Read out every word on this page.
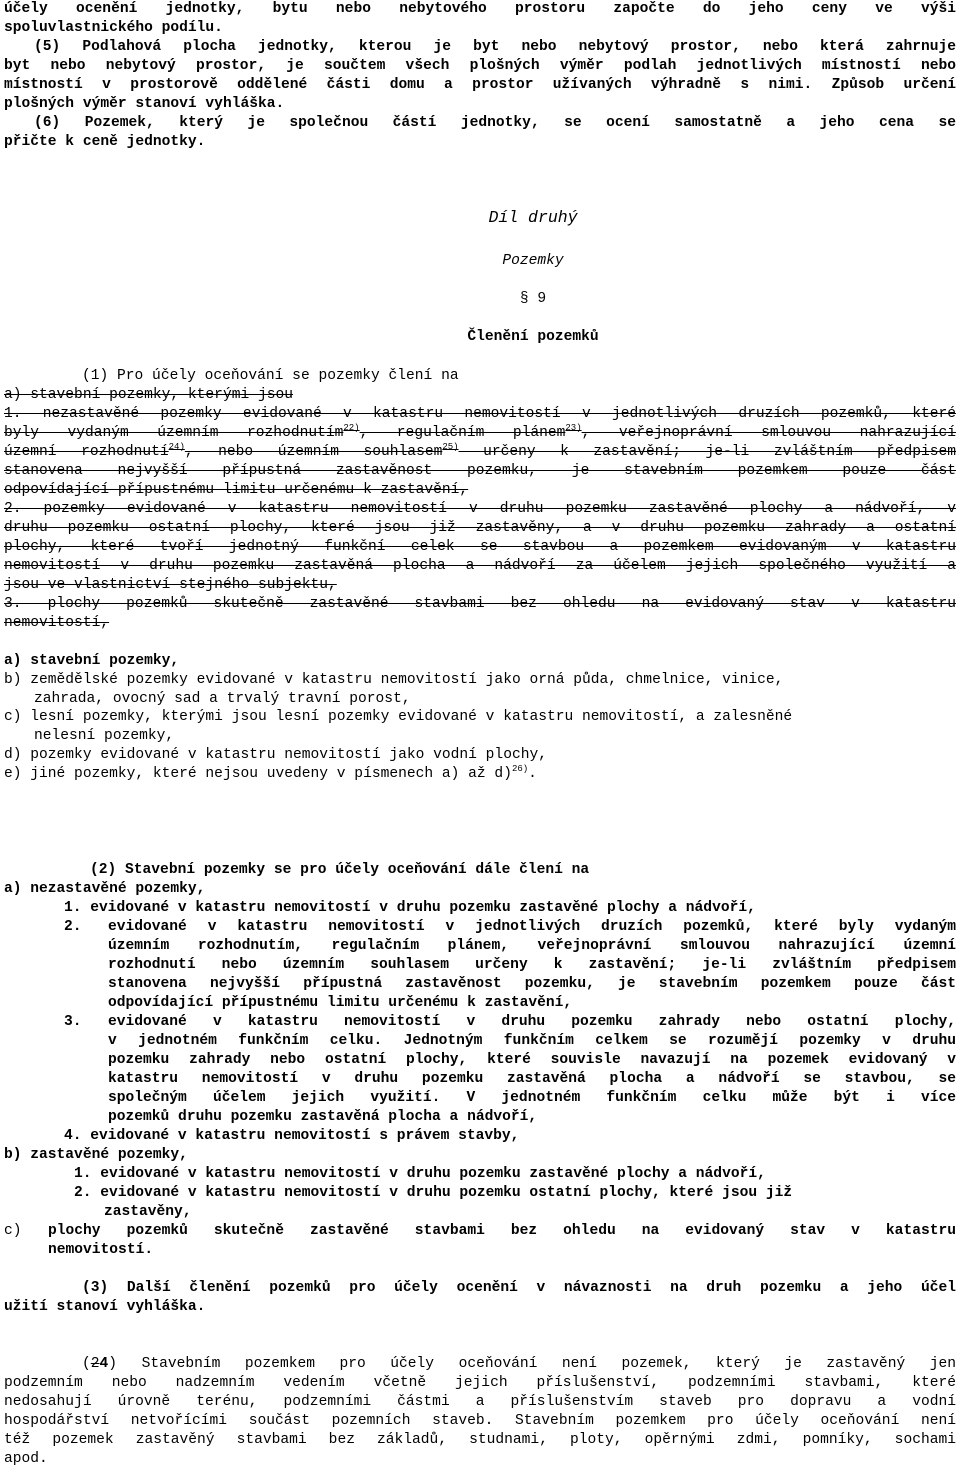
účely ocenění jednotky, bytu nebo nebytového prostoru započte do jeho ceny ve výši
spoluvlastnického podílu.
(5) Podlahová plocha jednotky, kterou je byt nebo nebytový prostor, nebo která zahrnuje
byt nebo nebytový prostor, je součtem všech plošných výměr podlah jednotlivých místností nebo
místností v prostorově oddělené části domu a prostor užívaných výhradně s nimi. Způsob určení
plošných výměr stanoví vyhláška.
(6) Pozemek, který je společnou částí jednotky, se ocení samostatně a jeho cena se
přičte k ceně jednotky.
Díl druhý
Pozemky
§ 9
Členění pozemků
(1) Pro účely oceňování se pozemky člení na
a) stavební pozemky, kterými jsou
1. nezastavěné pozemky evidované v katastru nemovitostí v jednotlivých druzích pozemků, které
byly vydaným územním rozhodnutím$^{22)}$, regulačním plánem$^{23)}$, veřejnoprávní smlouvou nahrazující
územní rozhodnutí$^{24)}$, nebo územním souhlasem$^{25)}$ určeny k zastavění; je-li zvláštním předpisem
stanovena nejvyšší přípustná zastavěnost pozemku, je stavebním pozemkem pouze část
odpovídající přípustnému limitu určenému k zastavění,
2. pozemky evidované v katastru nemovitostí v druhu pozemku zastavěné plochy a nádvoří, v
druhu pozemku ostatní plochy, které jsou již zastavěny, a v druhu pozemku zahrady a ostatní
plochy, které tvoří jednotný funkční celek se stavbou a pozemkem evidovaným v katastru
nemovitostí v druhu pozemku zastavěná plocha a nádvoří za účelem jejich společného využití a
jsou ve vlastnictví stejného subjektu,
3. plochy pozemků skutečně zastavěné stavbami bez ohledu na evidovaný stav v katastru
nemovitostí,
a) stavební pozemky,
b) zemědělské pozemky evidované v katastru nemovitostí jako orná půda, chmelnice, vinice,
zahrada, ovocný sad a trvalý travní porost,
c) lesní pozemky, kterými jsou lesní pozemky evidované v katastru nemovitostí, a zalesněné
nelesní pozemky,
d) pozemky evidované v katastru nemovitostí jako vodní plochy,
e) jiné pozemky, které nejsou uvedeny v písmenech a) až d)$^{26)}$.
(2) Stavební pozemky se pro účely oceňování dále člení na
a) nezastavěné pozemky,
1. evidované v katastru nemovitostí v druhu pozemku zastavěné plochy a nádvoří,
2.	evidované v katastru nemovitostí v jednotlivých druzích pozemků, které byly vydaným
územním rozhodnutím, regulačním plánem, veřejnoprávní smlouvou nahrazující územní
rozhodnutí nebo územním souhlasem určeny k zastavění; je-li zvláštním předpisem
stanovena nejvyšší přípustná zastavěnost pozemku, je stavebním pozemkem pouze část
odpovídající přípustnému limitu určenému k zastavění,
3.	evidované v katastru nemovitostí v druhu pozemku zahrady nebo ostatní plochy,
v jednotném funkčním celku. Jednotným funkčním celkem se rozumějí pozemky v druhu
pozemku zahrady nebo ostatní plochy, které souvisle navazují na pozemek evidovaný v
katastru nemovitostí v druhu pozemku zastavěná plocha a nádvoří se stavbou, se
společným účelem jejich využití. V jednotném funkčním celku může být i více
pozemků druhu pozemku zastavěná plocha a nádvoří,
4. evidované v katastru nemovitostí s právem stavby,
b) zastavěné pozemky,
1. evidované v katastru nemovitostí v druhu pozemku zastavěné plochy a nádvoří,
2. evidované v katastru nemovitostí v druhu pozemku ostatní plochy, které jsou již
zastavěny,
c)	plochy pozemků skutečně zastavěné stavbami bez ohledu na evidovaný stav v katastru
nemovitostí.
(3) Další členění pozemků pro účely ocenění v návaznosti na druh pozemku a jeho účel
užití stanoví vyhláška.
(24) Stavebním pozemkem pro účely oceňování není pozemek, který je zastavěný jen
podzemním nebo nadzemním vedením včetně jejich příslušenství, podzemními stavbami, které
nedosahují úrovně terénu, podzemními částmi a příslušenstvím staveb pro dopravu a vodní
hospodářství netvořícími součást pozemních staveb. Stavebním pozemkem pro účely oceňování není
též pozemek zastavěný stavbami bez základů, studnami, ploty, opěrnými zdmi, pomníky, sochami
apod.
